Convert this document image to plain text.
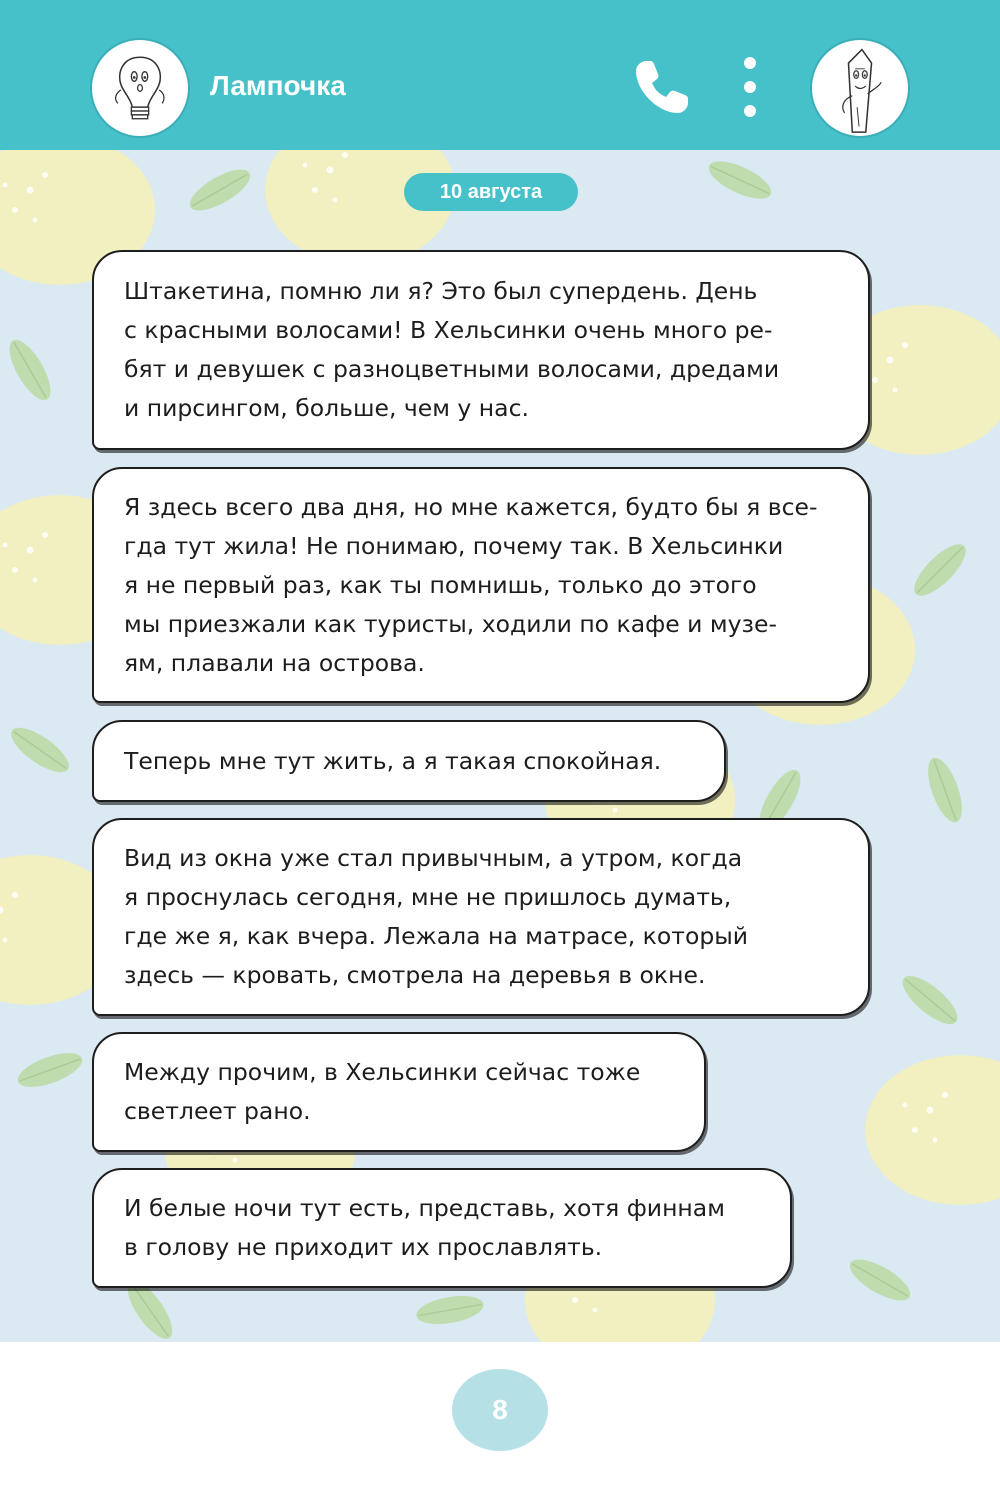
Лампочка
10 августа
Штакетина, помню ли я? Это был супердень. День
с красными волосами! В Хельсинки очень много ре-
бят и девушек с разноцветными волосами, дредами
и пирсингом, больше, чем у нас.
Я здесь всего два дня, но мне кажется, будто бы я все-
гда тут жила! Не понимаю, почему так. В Хельсинки
я не первый раз, как ты помнишь, только до этого
мы приезжали как туристы, ходили по кафе и музе-
ям, плавали на острова.
Теперь мне тут жить, а я такая спокойная.
Вид из окна уже стал привычным, а утром, когда
я проснулась сегодня, мне не пришлось думать,
где же я, как вчера. Лежала на матрасе, который
здесь — кровать, смотрела на деревья в окне.
Между прочим, в Хельсинки сейчас тоже
светлеет рано.
И белые ночи тут есть, представь, хотя финнам
в голову не приходит их прославлять.
8
